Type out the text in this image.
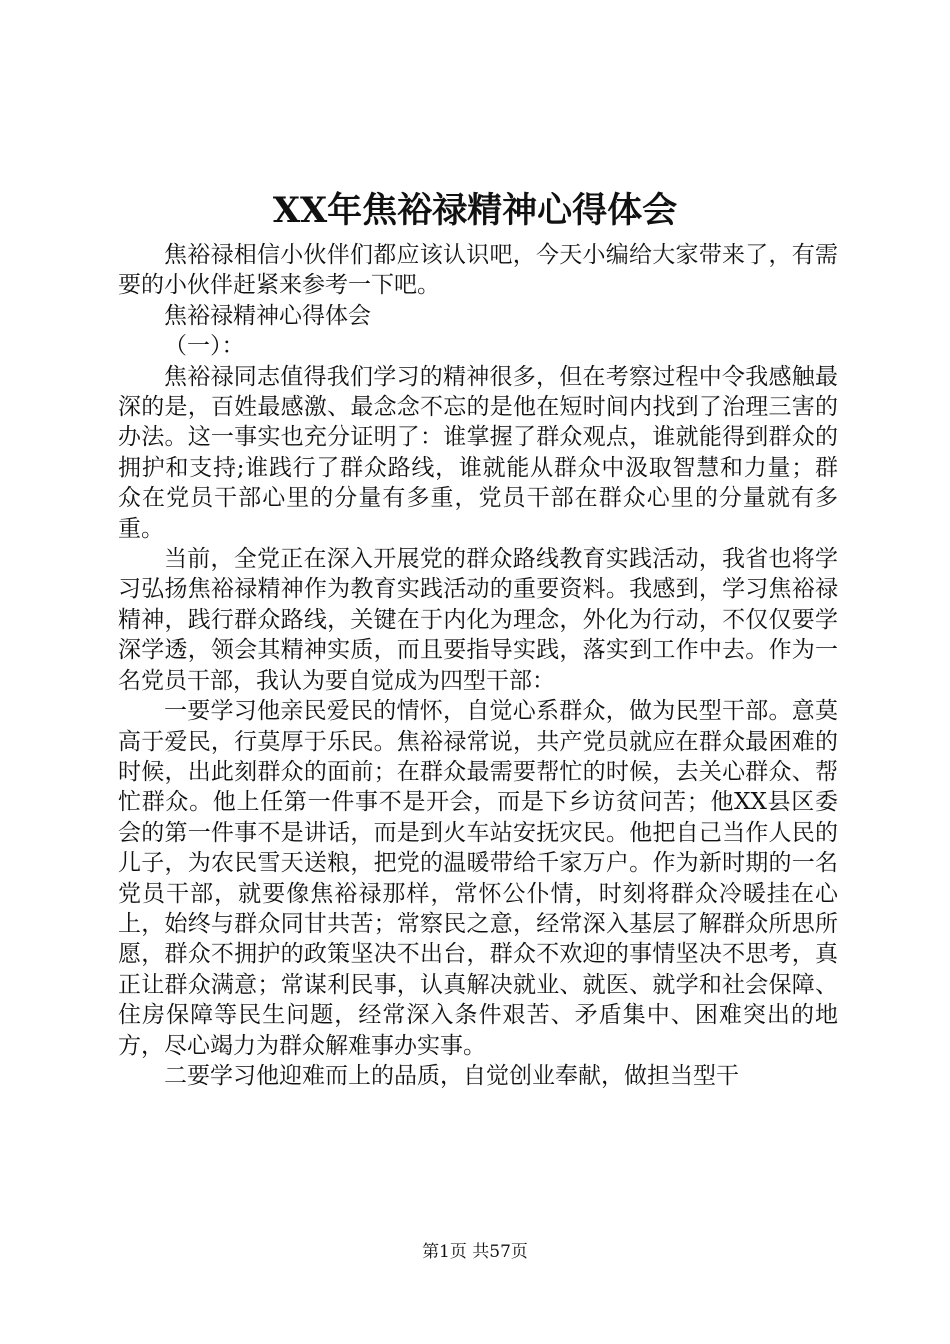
XX年焦裕禄精神心得体会

焦裕禄相信小伙伴们都应该认识吧，今天小编给大家带来了，有需要的小伙伴赶紧来参考一下吧。

焦裕禄精神心得体会

（一）：

焦裕禄同志值得我们学习的精神很多，但在考察过程中令我感触最深的是，百姓最感激、最念念不忘的是他在短时间内找到了治理三害的办法。这一事实也充分证明了：谁掌握了群众观点，谁就能得到群众的拥护和支持;谁践行了群众路线，谁就能从群众中汲取智慧和力量；群众在党员干部心里的分量有多重，党员干部在群众心里的分量就有多重。

当前，全党正在深入开展党的群众路线教育实践活动，我省也将学习弘扬焦裕禄精神作为教育实践活动的重要资料。我感到，学习焦裕禄精神，践行群众路线，关键在于内化为理念，外化为行动，不仅仅要学深学透，领会其精神实质，而且要指导实践，落实到工作中去。作为一名党员干部，我认为要自觉成为四型干部：

一要学习他亲民爱民的情怀，自觉心系群众，做为民型干部。意莫高于爱民，行莫厚于乐民。焦裕禄常说，共产党员就应在群众最困难的时候，出此刻群众的面前；在群众最需要帮忙的时候，去关心群众、帮忙群众。他上任第一件事不是开会，而是下乡访贫问苦；他XX县区委会的第一件事不是讲话，而是到火车站安抚灾民。他把自己当作人民的儿子，为农民雪天送粮，把党的温暖带给千家万户。作为新时期的一名党员干部，就要像焦裕禄那样，常怀公仆情，时刻将群众冷暖挂在心上，始终与群众同甘共苦；常察民之意，经常深入基层了解群众所思所愿，群众不拥护的政策坚决不出台，群众不欢迎的事情坚决不思考，真正让群众满意；常谋利民事，认真解决就业、就医、就学和社会保障、住房保障等民生问题，经常深入条件艰苦、矛盾集中、困难突出的地方，尽心竭力为群众解难事办实事。

二要学习他迎难而上的品质，自觉创业奉献，做担当型干

第1页 共57页
